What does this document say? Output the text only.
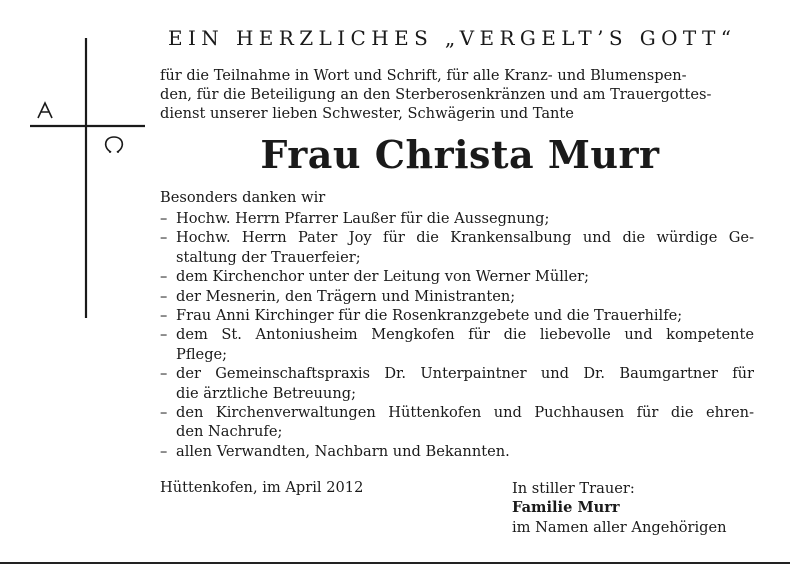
EIN HERZLICHES „VERGELT’S GOTT“
für die Teilnahme in Wort und Schrift, für alle Kranz- und Blumenspen-
den, für die Beteiligung an den Sterberosenkränzen und am Trauergottes-
dienst unserer lieben Schwester, Schwägerin und Tante
Frau Christa Murr
Besonders danken wir
– Hochw. Herrn Pfarrer Laußer für die Aussegnung;
– Hochw. Herrn Pater Joy für die Krankensalbung und die würdige Ge-
staltung der Trauerfeier;
– dem Kirchenchor unter der Leitung von Werner Müller;
– der Mesnerin, den Trägern und Ministranten;
– Frau Anni Kirchinger für die Rosenkranzgebete und die Trauerhilfe;
– dem St. Antoniusheim Mengkofen für die liebevolle und kompetente
Pflege;
– der Gemeinschaftspraxis Dr. Unterpaintner und Dr. Baumgartner für
die ärztliche Betreuung;
– den Kirchenverwaltungen Hüttenkofen und Puchhausen für die ehren-
den Nachrufe;
– allen Verwandten, Nachbarn und Bekannten.
Hüttenkofen, im April 2012	In stiller Trauer:
Familie Murr
im Namen aller Angehörigen
